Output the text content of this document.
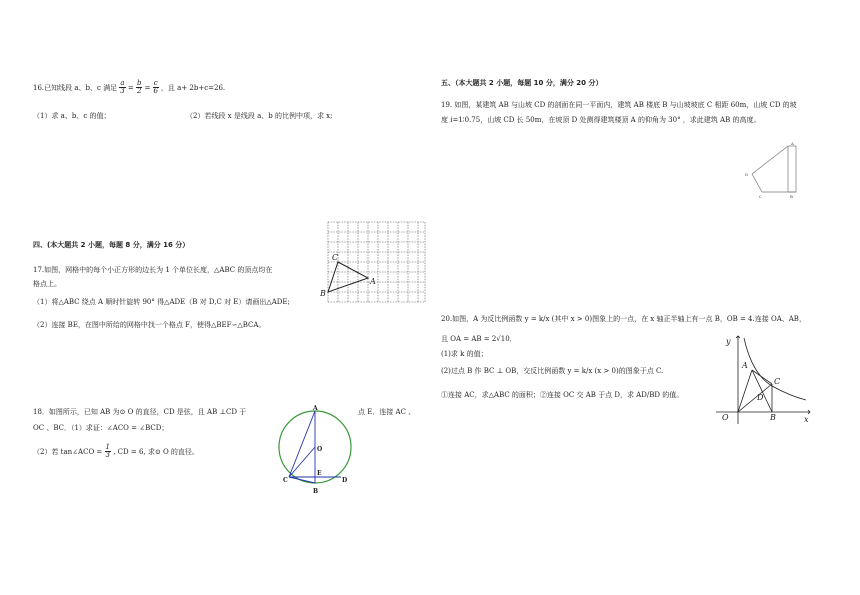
16.已知线段 a、b、c 满足 $\frac{a}{3} = \frac{b}{2} = \frac{c}{6}$ ，且 a+ 2b+c=26.
（1）求 a、b、c 的值；	（2）若线段 x 是线段 a、b 的比例中项，求 x;
四、(本大题共 2 小题，每题 8 分，满分 16 分）
17.如图，网格中的每个小正方形的边长为 1 个单位长度，△ABC 的顶点均在
格点上。
（1）将△ABC 绕点 A 顺时针旋转 90° 得△ADE（B 对 D,C 对 E）请画出△ADE;
（2）连接 BE，在图中所给的网格中找一个格点 F，使得△BEF∽△BCA。
C
A
B
18．如图所示，已知 AB 为⊙ O 的直径，CD 是弦，且 AB ⊥CD 于	点 E．连接 AC 、
OC 、BC．（1）求证：∠ACO = ∠BCD；
（2）若 tan∠ACO = $\frac{1}{3}$ , CD = 6, 求⊙ O 的直径。
A
O
C
E
D
B
五、（本大题共 2 小题，每题 10 分，满分 20 分）
19. 如图，某建筑 AB 与山坡 CD 的剖面在同一平面内，建筑 AB 楼底 B 与山坡坡底 C 相距 60m，山坡 CD 的坡
度 i=1∶0.75，山坡 CD 长 50m，在坡顶 D 处测得建筑楼顶 A 的仰角为 30° ，求此建筑 AB 的高度。
A
D
C	B
20.如图，A 为反比例函数 y = k/x (其中 x > 0)图象上的一点，在 x 轴正半轴上有一点 B，OB = 4.连接 OA、AB，
且 OA = AB = 2√10．
(1)求 k 的值；
(2)过点 B 作 BC ⊥ OB，交反比例函数 y = k/x (x > 0)的图象于点 C.
①连接 AC，求△ABC 的面积；②连接 OC 交 AB 于点 D，求 AD/BD 的值。
y
A
C
D
O	B	x
